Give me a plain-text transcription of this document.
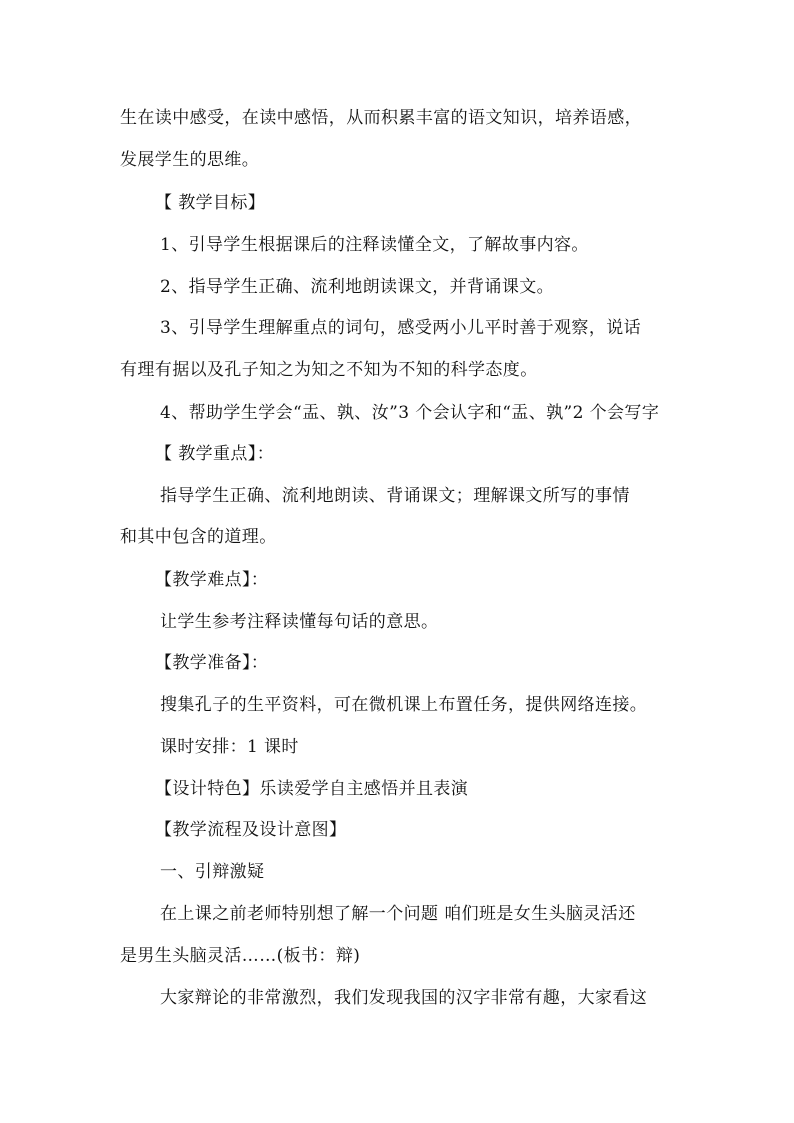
生在读中感受，在读中感悟，从而积累丰富的语文知识，培养语感，
发展学生的思维。
【 教学目标】
1、引导学生根据课后的注释读懂全文，了解故事内容。
2、指导学生正确、流利地朗读课文，并背诵课文。
3、引导学生理解重点的词句，感受两小儿平时善于观察，说话
有理有据以及孔子知之为知之不知为不知的科学态度。
4、帮助学生学会“盂、孰、汝”3 个会认字和“盂、孰”2 个会写字
【 教学重点】：
指导学生正确、流利地朗读、背诵课文；理解课文所写的事情
和其中包含的道理。
【教学难点】：
让学生参考注释读懂每句话的意思。
【教学准备】：
搜集孔子的生平资料，可在微机课上布置任务，提供网络连接。
课时安排：1 课时
【设计特色】乐读爱学自主感悟并且表演
【教学流程及设计意图】
一、引辩激疑
在上课之前老师特别想了解一个问题 咱们班是女生头脑灵活还
是男生头脑灵活……(板书：辩)
大家辩论的非常激烈，我们发现我国的汉字非常有趣，大家看这
